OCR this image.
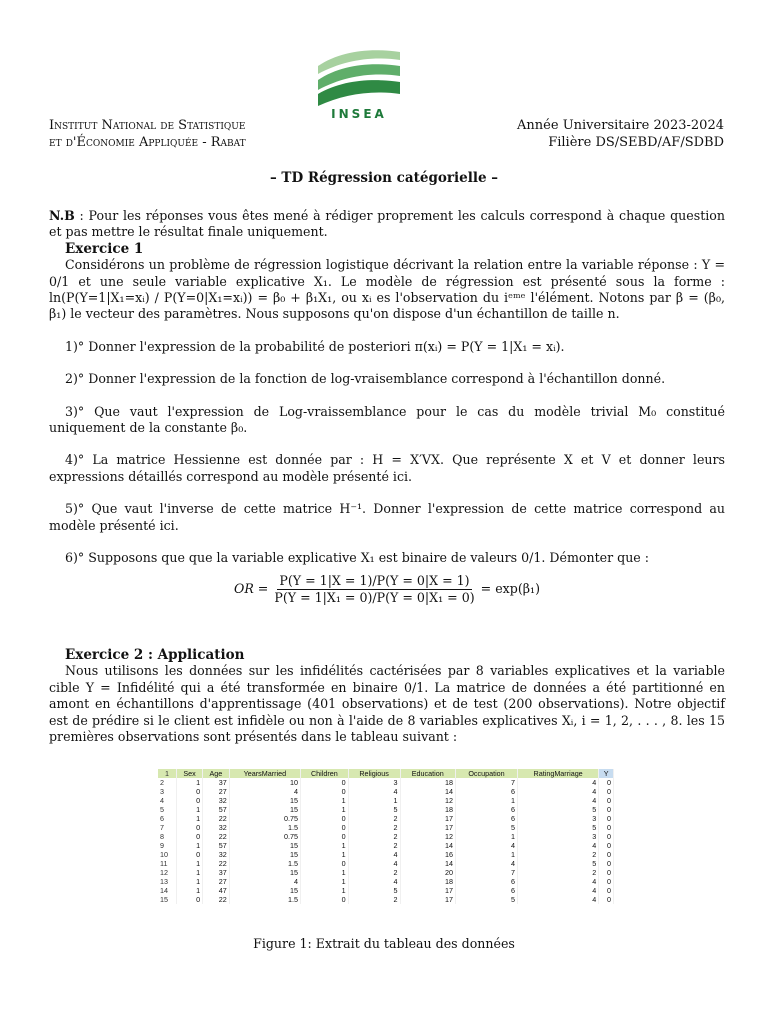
INSEA
Institut National de Statistique
et d'Économie Appliquée - Rabat
Année Universitaire 2023-2024
Filière DS/SEBD/AF/SDBD
– TD Régression catégorielle –

N.B : Pour les réponses vous êtes mené à rédiger proprement les calculs correspond à chaque question et pas mettre le résultat finale uniquement.

Exercice 1

Considérons un problème de régression logistique décrivant la relation entre la variable réponse : Y = 0/1 et une seule variable explicative X₁. Le modèle de régression est présenté sous la forme : ln(P(Y=1|X₁=xᵢ) / P(Y=0|X₁=xᵢ)) = β₀ + β₁X₁, ou xᵢ es l'observation du iᵉᵐᵉ l'élément. Notons par β = (β₀, β₁) le vecteur des paramètres. Nous supposons qu'on dispose d'un échantillon de taille n.

1)° Donner l'expression de la probabilité de posteriori π(xᵢ) = P(Y = 1|X₁ = xᵢ).

2)° Donner l'expression de la fonction de log-vraisemblance correspond à l'échantillon donné.

3)° Que vaut l'expression de Log-vraissemblance pour le cas du modèle trivial M₀ constitué uniquement de la constante β₀.

4)° La matrice Hessienne est donnée par : H = X′VX. Que représente X et V et donner leurs expressions détaillés correspond au modèle présenté ici.

5)° Que vaut l'inverse de cette matrice H⁻¹. Donner l'expression de cette matrice correspond au modèle présenté ici.

6)° Supposons que que la variable explicative X₁ est binaire de valeurs 0/1. Démonter que :

OR = $\frac{P(Y = 1|X = 1)/P(Y = 0|X = 1)}{\text{P(Y = 1|X₁ = 0)/P(Y = 0|X₁ = 0)}} = \exp(\beta_1)$
Exercice 2 : Application

Nous utilisons les données sur les infidélités cactérisées par 8 variables explicatives et la variable cible Y = Infidélité qui a été transformée en binaire 0/1. La matrice de données a été partitionné en amont en échantillons d'apprentissage (401 observations) et de test (200 observations). Notre objectif est de prédire si le client est infidèle ou non à l'aide de 8 variables explicatives Xᵢ, i = 1, 2, . . . , 8. les 15 premières observations sont présentés dans le tableau suivant :

1	Sex	Age	YearsMarried	Children	Religious	Education	Occupation	RatingMarriage	Y
2	1	37	10	0	3	18	7	4	0
3	0	27	4	0	4	14	6	4	0
4	0	32	15	1	1	12	1	4	0
5	1	57	15	1	5	18	6	5	0
6	1	22	0.75	0	2	17	6	3	0
7	0	32	1.5	0	2	17	5	5	0
8	0	22	0.75	0	2	12	1	3	0
9	1	57	15	1	2	14	4	4	0
10	0	32	15	1	4	16	1	2	0
11	1	22	1.5	0	4	14	4	5	0
12	1	37	15	1	2	20	7	2	0
13	1	27	4	1	4	18	6	4	0
14	1	47	15	1	5	17	6	4	0
15	0	22	1.5	0	2	17	5	4	0
Figure 1: Extrait du tableau des données
